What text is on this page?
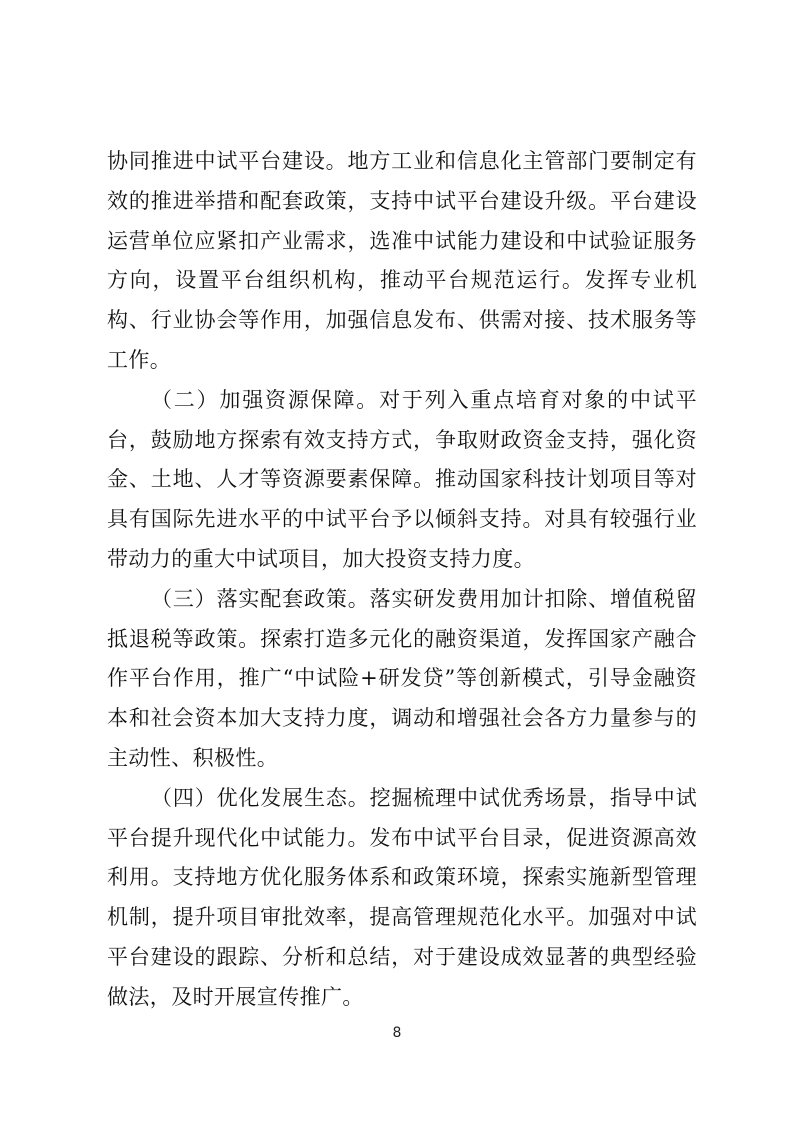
协同推进中试平台建设。地方工业和信息化主管部门要制定有效的推进举措和配套政策，支持中试平台建设升级。平台建设运营单位应紧扣产业需求，选准中试能力建设和中试验证服务方向，设置平台组织机构，推动平台规范运行。发挥专业机构、行业协会等作用，加强信息发布、供需对接、技术服务等工作。

（二）加强资源保障。对于列入重点培育对象的中试平台，鼓励地方探索有效支持方式，争取财政资金支持，强化资金、土地、人才等资源要素保障。推动国家科技计划项目等对具有国际先进水平的中试平台予以倾斜支持。对具有较强行业带动力的重大中试项目，加大投资支持力度。

（三）落实配套政策。落实研发费用加计扣除、增值税留抵退税等政策。探索打造多元化的融资渠道，发挥国家产融合作平台作用，推广“中试险+研发贷”等创新模式，引导金融资本和社会资本加大支持力度，调动和增强社会各方力量参与的主动性、积极性。

（四）优化发展生态。挖掘梳理中试优秀场景，指导中试平台提升现代化中试能力。发布中试平台目录，促进资源高效利用。支持地方优化服务体系和政策环境，探索实施新型管理机制，提升项目审批效率，提高管理规范化水平。加强对中试平台建设的跟踪、分析和总结，对于建设成效显著的典型经验做法，及时开展宣传推广。

8
